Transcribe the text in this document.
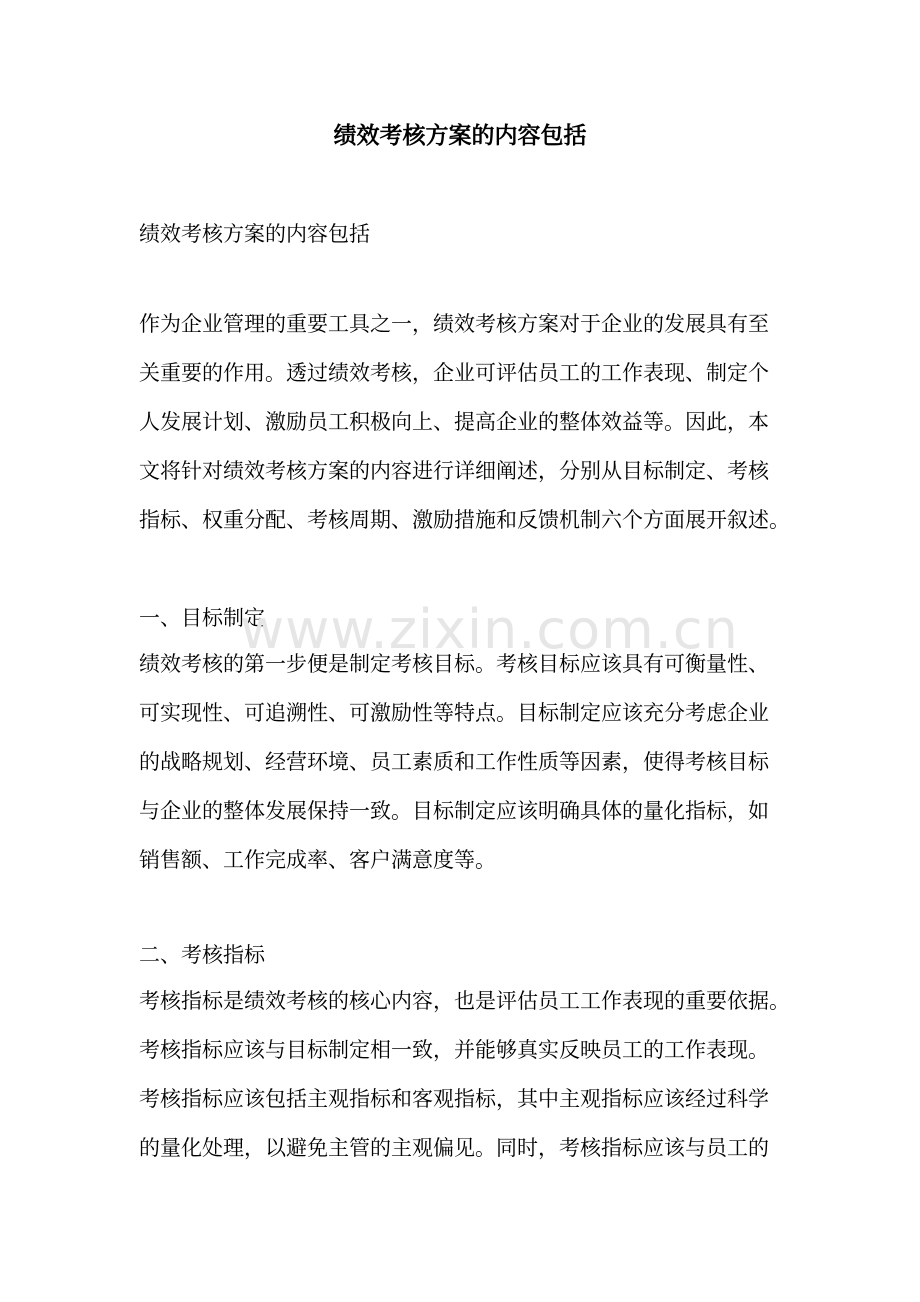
绩效考核方案的内容包括
绩效考核方案的内容包括
作为企业管理的重要工具之一，绩效考核方案对于企业的发展具有至
关重要的作用。透过绩效考核，企业可评估员工的工作表现、制定个
人发展计划、激励员工积极向上、提高企业的整体效益等。因此，本
文将针对绩效考核方案的内容进行详细阐述，分别从目标制定、考核
指标、权重分配、考核周期、激励措施和反馈机制六个方面展开叙述。
一、目标制定
绩效考核的第一步便是制定考核目标。考核目标应该具有可衡量性、
可实现性、可追溯性、可激励性等特点。目标制定应该充分考虑企业
的战略规划、经营环境、员工素质和工作性质等因素，使得考核目标
与企业的整体发展保持一致。目标制定应该明确具体的量化指标，如
销售额、工作完成率、客户满意度等。
二、考核指标
考核指标是绩效考核的核心内容，也是评估员工工作表现的重要依据。
考核指标应该与目标制定相一致，并能够真实反映员工的工作表现。
考核指标应该包括主观指标和客观指标，其中主观指标应该经过科学
的量化处理，以避免主管的主观偏见。同时，考核指标应该与员工的
www.zixin.com.cn
